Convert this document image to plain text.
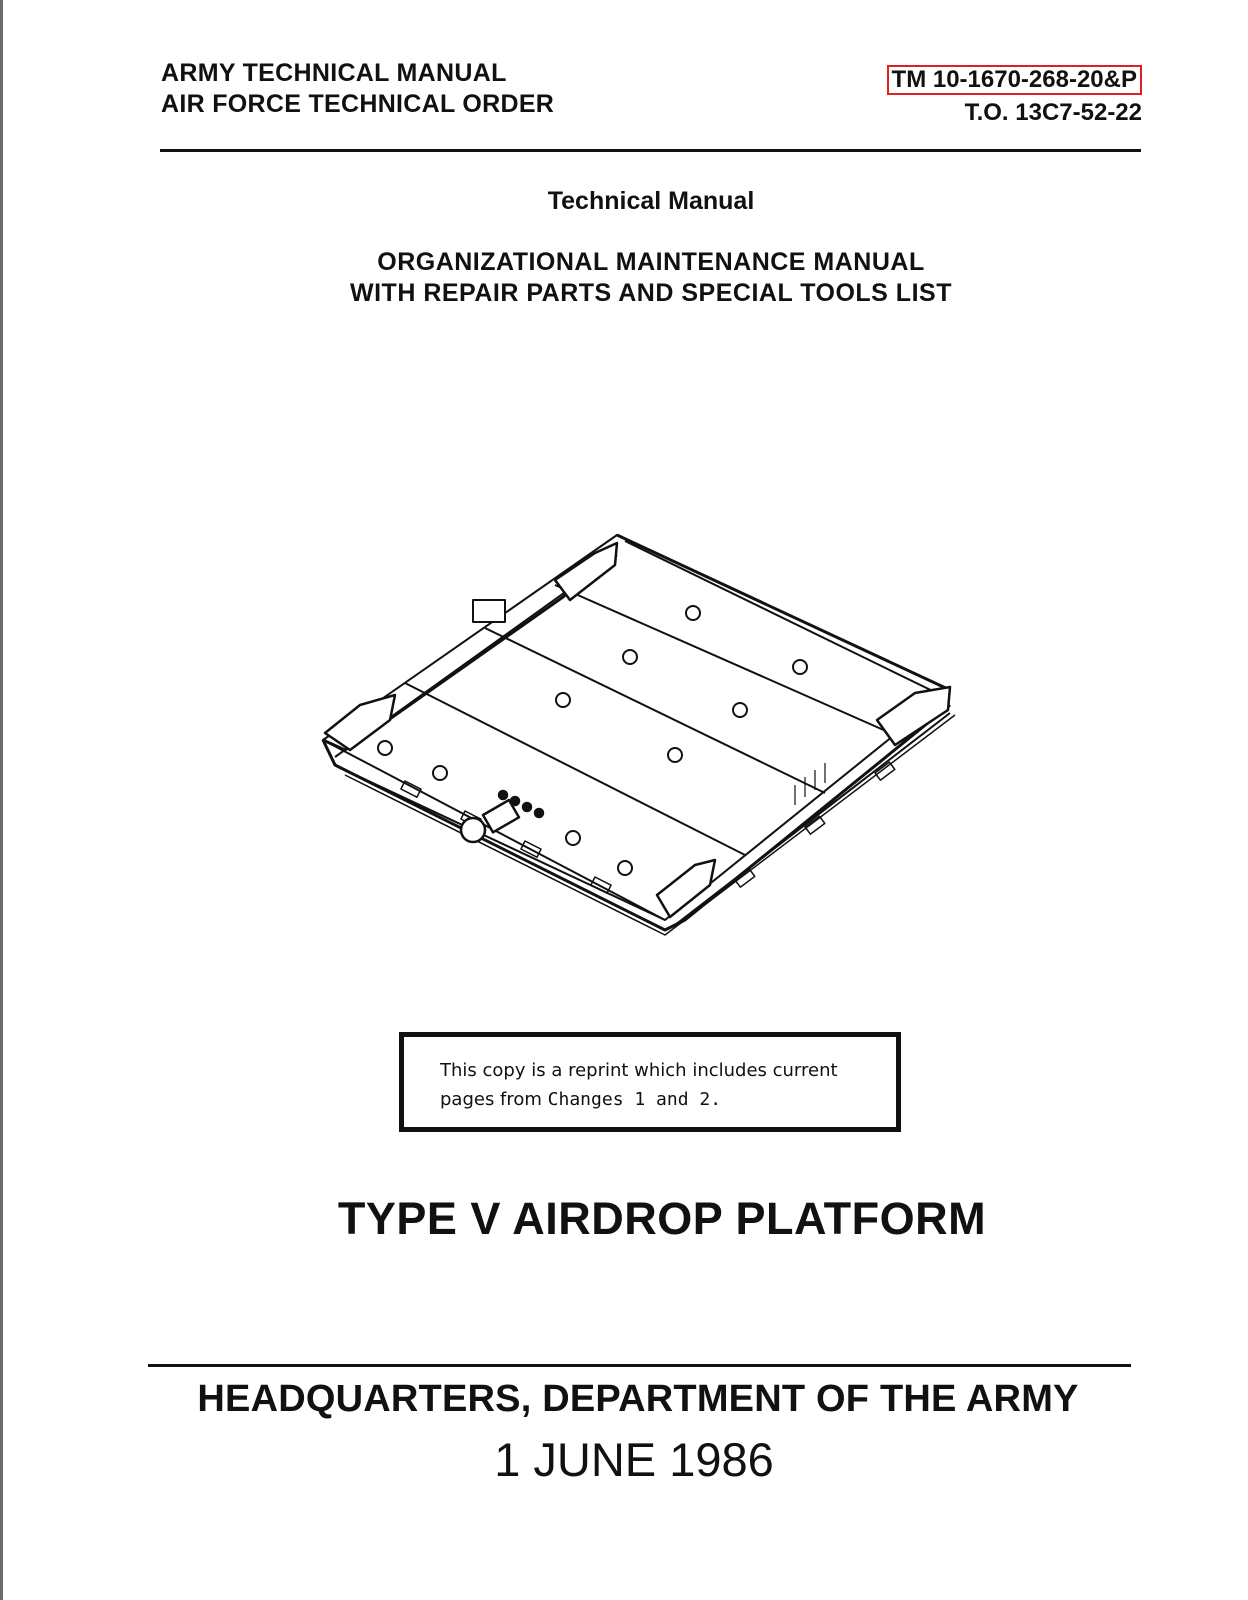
ARMY TECHNICAL MANUAL
AIR FORCE TECHNICAL ORDER
TM 10-1670-268-20&P
T.O. 13C7-52-22
Technical Manual
ORGANIZATIONAL MAINTENANCE MANUAL
WITH REPAIR PARTS AND SPECIAL TOOLS LIST
This copy is a reprint which includes current
pages from Changes 1 and 2.
TYPE V AIRDROP PLATFORM
HEADQUARTERS, DEPARTMENT OF THE ARMY
1 JUNE 1986
